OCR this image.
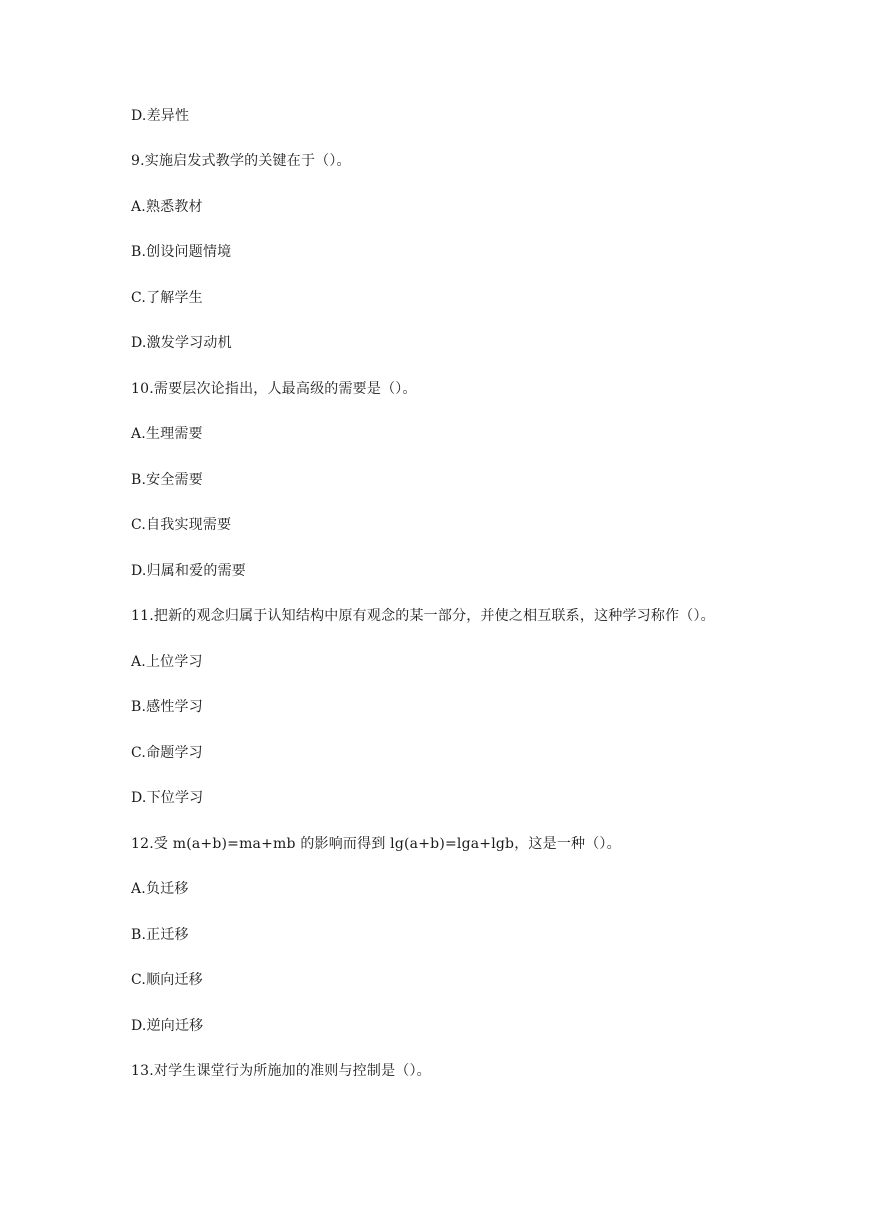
D.差异性
9.实施启发式教学的关键在于（）。
A.熟悉教材
B.创设问题情境
C.了解学生
D.激发学习动机
10.需要层次论指出，人最高级的需要是（）。
A.生理需要
B.安全需要
C.自我实现需要
D.归属和爱的需要
11.把新的观念归属于认知结构中原有观念的某一部分，并使之相互联系，这种学习称作（）。
A.上位学习
B.感性学习
C.命题学习
D.下位学习
12.受 m(a+b)=ma+mb 的影响而得到 lg(a+b)=lga+lgb，这是一种（）。
A.负迁移
B.正迁移
C.顺向迁移
D.逆向迁移
13.对学生课堂行为所施加的准则与控制是（）。
